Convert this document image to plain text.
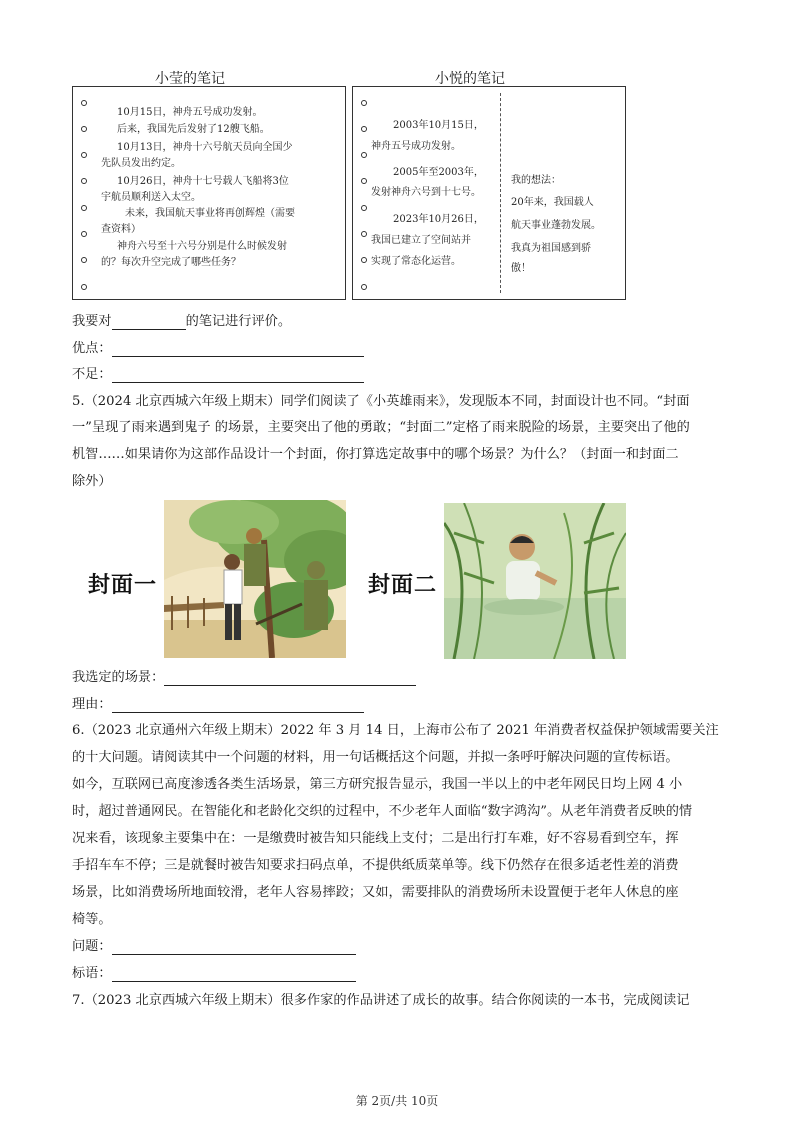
小莹的笔记	小悦的笔记
10月15日，神舟五号成功发射。
后来，我国先后发射了12艘飞船。
10月13日，神舟十六号航天员向全国少
先队员发出约定。
10月26日，神舟十七号载人飞船将3位
宇航员顺利送入太空。
未来，我国航天事业将再创辉煌（需要
查资料）
神舟六号至十六号分别是什么时候发射
的？每次升空完成了哪些任务？
2003年10月15日，
神舟五号成功发射。
2005年至2003年，
发射神舟六号到十七号。
2023年10月26日，
我国已建立了空间站并
实现了常态化运营。
我的想法：
20年来，我国载人
航天事业蓬勃发展。
我真为祖国感到骄
傲！
我要对	的笔记进行评价。
优点：
不足：
5.（2024 北京西城六年级上期末）同学们阅读了《小英雄雨来》，发现版本不同，封面设计也不同。“封面
一”呈现了雨来遇到鬼子 的场景，主要突出了他的勇敢；“封面二”定格了雨来脱险的场景，主要突出了他的
机智……如果请你为这部作品设计一个封面，你打算选定故事中的哪个场景？为什么？（封面一和封面二
除外）
封面一	封面二
我选定的场景：
理由：
6.（2023 北京通州六年级上期末）2022 年 3 月 14 日，上海市公布了 2021 年消费者权益保护领域需要关注
的十大问题。请阅读其中一个问题的材料，用一句话概括这个问题，并拟一条呼吁解决问题的宣传标语。
如今，互联网已高度渗透各类生活场景，第三方研究报告显示，我国一半以上的中老年网民日均上网 4 小
时，超过普通网民。在智能化和老龄化交织的过程中，不少老年人面临“数字鸿沟”。从老年消费者反映的情
况来看，该现象主要集中在：一是缴费时被告知只能线上支付；二是出行打车难，好不容易看到空车，挥
手招车车不停；三是就餐时被告知要求扫码点单，不提供纸质菜单等。线下仍然存在很多适老性差的消费
场景，比如消费场所地面较滑，老年人容易摔跤；又如，需要排队的消费场所未设置便于老年人休息的座
椅等。
问题：
标语：
7.（2023 北京西城六年级上期末）很多作家的作品讲述了成长的故事。结合你阅读的一本书，完成阅读记
第 2页/共 10页
